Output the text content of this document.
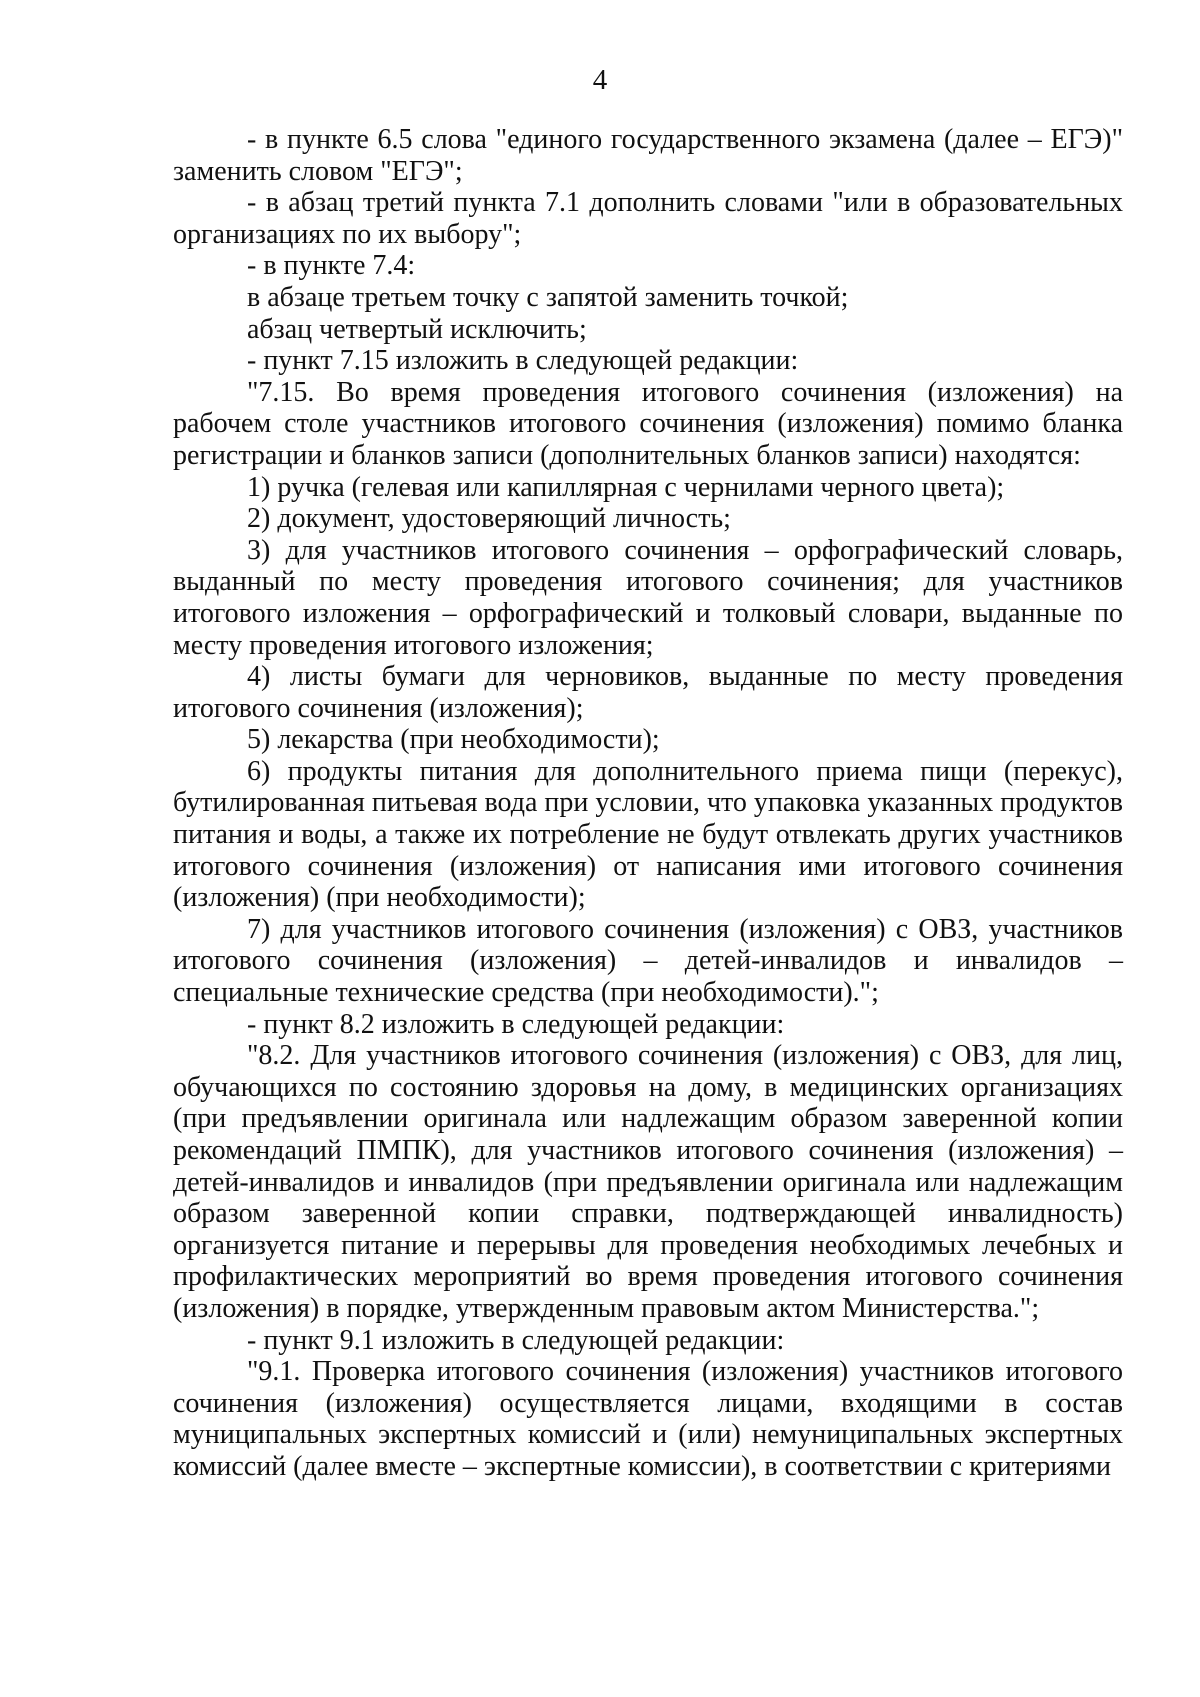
4

- в пункте 6.5 слова "единого государственного экзамена (далее – ЕГЭ)" заменить словом "ЕГЭ";

- в абзац третий пункта 7.1 дополнить словами "или в образовательных организациях по их выбору";

- в пункте 7.4:

в абзаце третьем точку с запятой заменить точкой;

абзац четвертый исключить;

- пункт 7.15 изложить в следующей редакции:

"7.15. Во время проведения итогового сочинения (изложения) на рабочем столе участников итогового сочинения (изложения) помимо бланка регистрации и бланков записи (дополнительных бланков записи) находятся:

1) ручка (гелевая или капиллярная с чернилами черного цвета);

2) документ, удостоверяющий личность;

3) для участников итогового сочинения – орфографический словарь, выданный по месту проведения итогового сочинения; для участников итогового изложения – орфографический и толковый словари, выданные по месту проведения итогового изложения;

4) листы бумаги для черновиков, выданные по месту проведения итогового сочинения (изложения);

5) лекарства (при необходимости);

6) продукты питания для дополнительного приема пищи (перекус), бутилированная питьевая вода при условии, что упаковка указанных продуктов питания и воды, а также их потребление не будут отвлекать других участников итогового сочинения (изложения) от написания ими итогового сочинения (изложения) (при необходимости);

7) для участников итогового сочинения (изложения) с ОВЗ, участников итогового сочинения (изложения) – детей-инвалидов и инвалидов – специальные технические средства (при необходимости).";

- пункт 8.2 изложить в следующей редакции:

"8.2. Для участников итогового сочинения (изложения) с ОВЗ, для лиц, обучающихся по состоянию здоровья на дому, в медицинских организациях (при предъявлении оригинала или надлежащим образом заверенной копии рекомендаций ПМПК), для участников итогового сочинения (изложения) – детей-инвалидов и инвалидов (при предъявлении оригинала или надлежащим образом заверенной копии справки, подтверждающей инвалидность) организуется питание и перерывы для проведения необходимых лечебных и профилактических мероприятий во время проведения итогового сочинения (изложения) в порядке, утвержденным правовым актом Министерства.";

- пункт 9.1 изложить в следующей редакции:

"9.1. Проверка итогового сочинения (изложения) участников итогового сочинения (изложения) осуществляется лицами, входящими в состав муниципальных экспертных комиссий и (или) немуниципальных экспертных комиссий (далее вместе – экспертные комиссии), в соответствии с критериями
